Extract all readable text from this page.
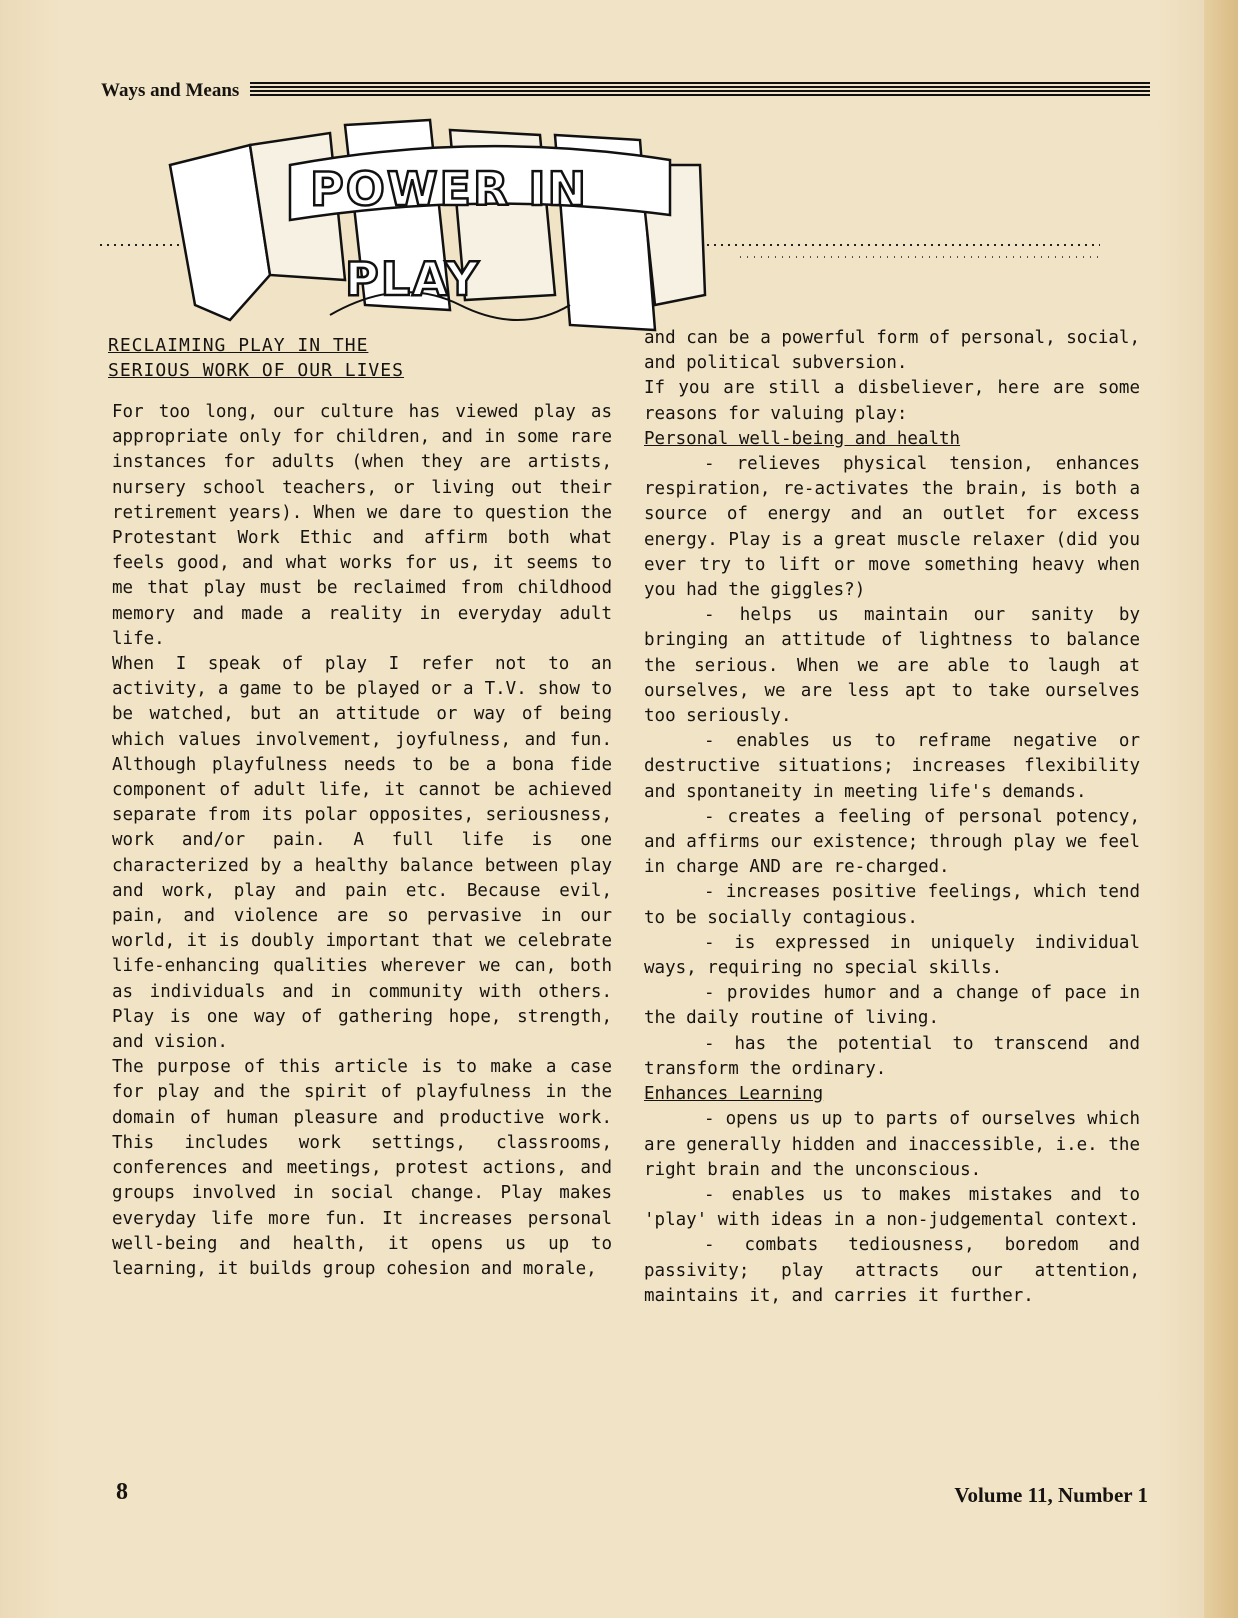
Ways and Means
POWER IN
PLAY
RECLAIMING PLAY IN THE
SERIOUS WORK OF OUR LIVES

For too long, our culture has viewed play as appropriate only for children, and in some rare instances for adults (when they are artists, nursery school teachers, or living out their retirement years). When we dare to question the Protestant Work Ethic and affirm both what feels good, and what works for us, it seems to me that play must be reclaimed from childhood memory and made a reality in everyday adult life.

When I speak of play I refer not to an activity, a game to be played or a T.V. show to be watched, but an attitude or way of being which values involvement, joyfulness, and fun. Although playfulness needs to be a bona fide component of adult life, it cannot be achieved separate from its polar opposites, seriousness, work and/or pain. A full life is one characterized by a healthy balance between play and work, play and pain etc. Because evil, pain, and violence are so pervasive in our world, it is doubly important that we celebrate life-enhancing qualities wherever we can, both as individuals and in community with others. Play is one way of gathering hope, strength, and vision.

The purpose of this article is to make a case for play and the spirit of playfulness in the domain of human pleasure and productive work. This includes work settings, classrooms, conferences and meetings, protest actions, and groups involved in social change. Play makes everyday life more fun. It increases personal well-being and health, it opens us up to learning, it builds group cohesion and morale,

and can be a powerful form of personal, social, and political subversion.

If you are still a disbeliever, here are some reasons for valuing play:

Personal well-being and health

- relieves physical tension, enhances respiration, re-activates the brain, is both a source of energy and an outlet for excess energy. Play is a great muscle relaxer (did you ever try to lift or move something heavy when you had the giggles?)

- helps us maintain our sanity by bringing an attitude of lightness to balance the serious. When we are able to laugh at ourselves, we are less apt to take ourselves too seriously.

- enables us to reframe negative or destructive situations; increases flexibility and spontaneity in meeting life's demands.

- creates a feeling of personal potency, and affirms our existence; through play we feel in charge AND are re-charged.

- increases positive feelings, which tend to be socially contagious.

- is expressed in uniquely individual ways, requiring no special skills.

- provides humor and a change of pace in the daily routine of living.

- has the potential to transcend and transform the ordinary.

Enhances Learning

- opens us up to parts of ourselves which are generally hidden and inaccessible, i.e. the right brain and the unconscious.

- enables us to makes mistakes and to 'play' with ideas in a non-judgemental context.

- combats tediousness, boredom and passivity; play attracts our attention, maintains it, and carries it further.

8	Volume 11, Number 1
